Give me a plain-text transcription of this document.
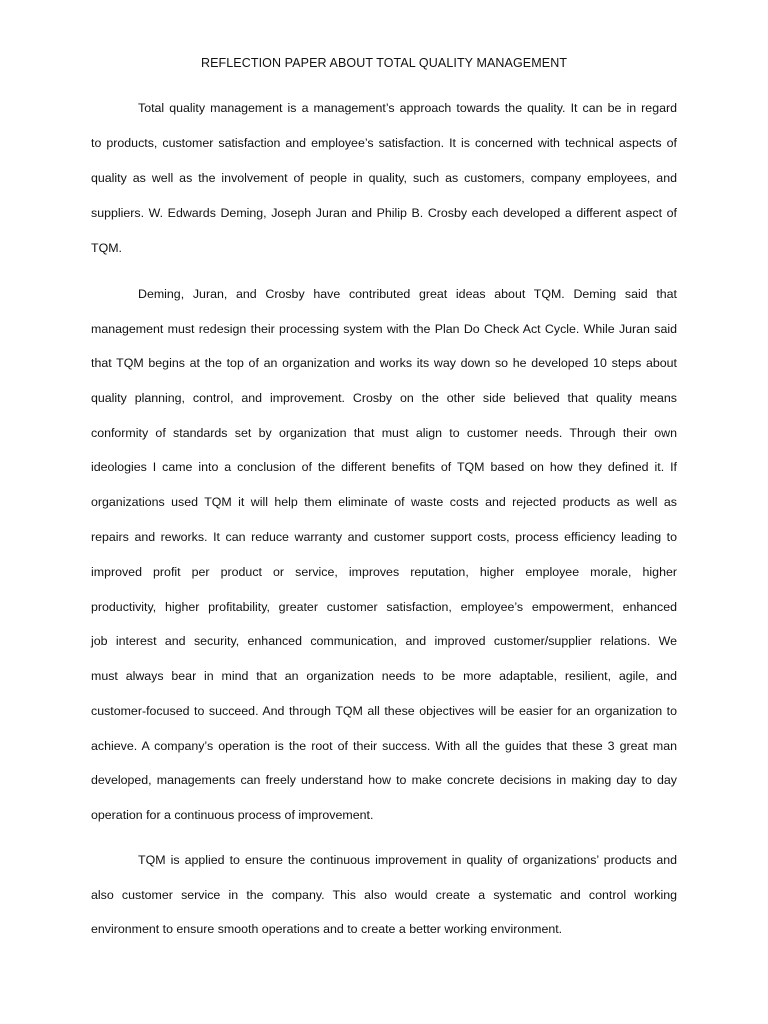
REFLECTION PAPER ABOUT TOTAL QUALITY MANAGEMENT

Total quality management is a management’s approach towards the quality. It can be in regard

to products, customer satisfaction and employee’s satisfaction. It is concerned with technical aspects of

quality as well as the involvement of people in quality, such as customers, company employees, and

suppliers. W. Edwards Deming, Joseph Juran and Philip B. Crosby each developed a different aspect of

TQM.

Deming, Juran, and Crosby have contributed great ideas about TQM. Deming said that

management must redesign their processing system with the Plan Do Check Act Cycle. While Juran said

that TQM begins at the top of an organization and works its way down so he developed 10 steps about

quality planning, control, and improvement. Crosby on the other side believed that quality means

conformity of standards set by organization that must align to customer needs. Through their own

ideologies I came into a conclusion of the different benefits of TQM based on how they defined it. If

organizations used TQM it will help them eliminate of waste costs and rejected products as well as

repairs and reworks. It can reduce warranty and customer support costs, process efficiency leading to

improved profit per product or service, improves reputation, higher employee morale, higher

productivity, higher profitability, greater customer satisfaction, employee’s empowerment, enhanced

job interest and security, enhanced communication, and improved customer/supplier relations. We

must always bear in mind that an organization needs to be more adaptable, resilient, agile, and

customer-focused to succeed. And through TQM all these objectives will be easier for an organization to

achieve. A company’s operation is the root of their success. With all the guides that these 3 great man

developed, managements can freely understand how to make concrete decisions in making day to day

operation for a continuous process of improvement.

TQM is applied to ensure the continuous improvement in quality of organizations’ products and

also customer service in the company. This also would create a systematic and control working

environment to ensure smooth operations and to create a better working environment.
